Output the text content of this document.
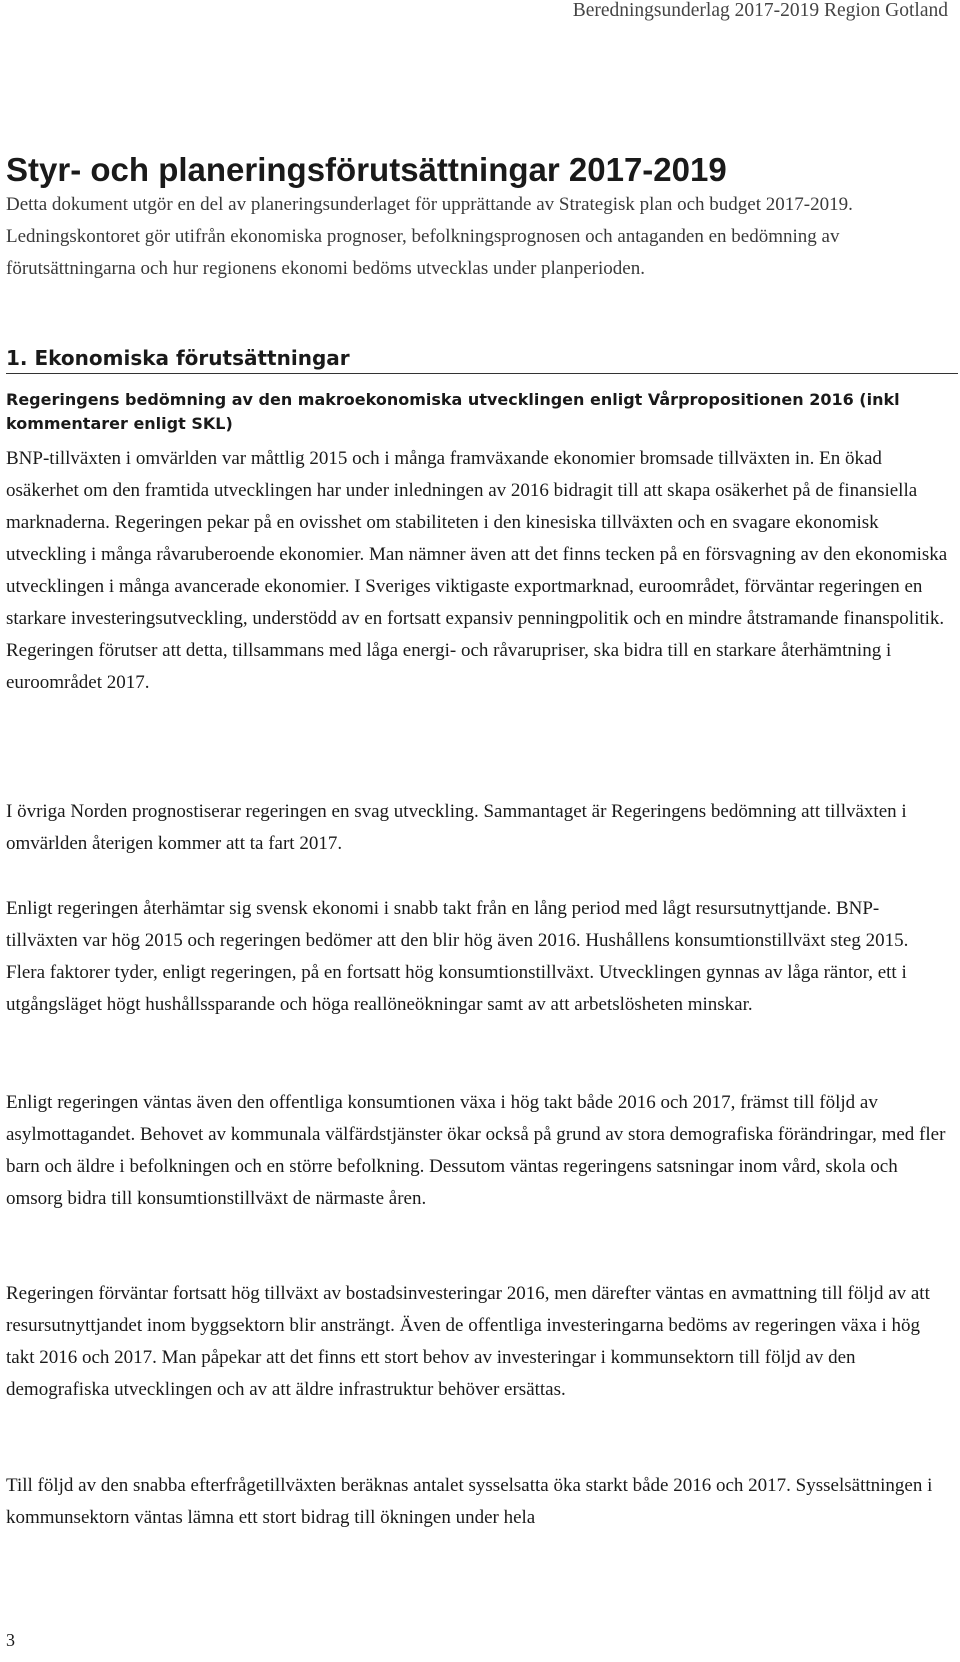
Beredningsunderlag 2017-2019 Region Gotland
Styr- och planeringsförutsättningar 2017-2019

Detta dokument utgör en del av planeringsunderlaget för upprättande av Strategisk plan och budget 2017-2019. Ledningskontoret gör utifrån ekonomiska prognoser, befolkningsprognosen och antaganden en bedömning av förutsättningarna och hur regionens ekonomi bedöms utvecklas under planperioden.

1. Ekonomiska förutsättningar
Regeringens bedömning av den makroekonomiska utvecklingen enligt Vårpropositionen 2016 (inkl kommentarer enligt SKL)

BNP-tillväxten i omvärlden var måttlig 2015 och i många framväxande ekonomier bromsade tillväxten in. En ökad osäkerhet om den framtida utvecklingen har under inledningen av 2016 bidragit till att skapa osäkerhet på de finansiella marknaderna. Regeringen pekar på en ovisshet om stabiliteten i den kinesiska tillväxten och en svagare ekonomisk utveckling i många råvaruberoende ekonomier. Man nämner även att det finns tecken på en försvagning av den ekonomiska utvecklingen i många avancerade ekonomier. I Sveriges viktigaste exportmarknad, euroområdet, förväntar regeringen en starkare investeringsutveckling, understödd av en fortsatt expansiv penningpolitik och en mindre åtstramande finanspolitik. Regeringen förutser att detta, tillsammans med låga energi- och råvarupriser, ska bidra till en starkare återhämtning i euroområdet 2017.

I övriga Norden prognostiserar regeringen en svag utveckling. Sammantaget är Regeringens bedömning att tillväxten i omvärlden återigen kommer att ta fart 2017.

Enligt regeringen återhämtar sig svensk ekonomi i snabb takt från en lång period med lågt resursutnyttjande. BNP-tillväxten var hög 2015 och regeringen bedömer att den blir hög även 2016. Hushållens konsumtionstillväxt steg 2015. Flera faktorer tyder, enligt regeringen, på en fortsatt hög konsumtionstillväxt. Utvecklingen gynnas av låga räntor, ett i utgångsläget högt hushållssparande och höga reallöneökningar samt av att arbetslösheten minskar.

Enligt regeringen väntas även den offentliga konsumtionen växa i hög takt både 2016 och 2017, främst till följd av asylmottagandet. Behovet av kommunala välfärdstjänster ökar också på grund av stora demografiska förändringar, med fler barn och äldre i befolkningen och en större befolkning. Dessutom väntas regeringens satsningar inom vård, skola och omsorg bidra till konsumtionstillväxt de närmaste åren.

Regeringen förväntar fortsatt hög tillväxt av bostadsinvesteringar 2016, men därefter väntas en avmattning till följd av att resursutnyttjandet inom byggsektorn blir ansträngt. Även de offentliga investeringarna bedöms av regeringen växa i hög takt 2016 och 2017. Man påpekar att det finns ett stort behov av investeringar i kommunsektorn till följd av den demografiska utvecklingen och av att äldre infrastruktur behöver ersättas.

Till följd av den snabba efterfrågetillväxten beräknas antalet sysselsatta öka starkt både 2016 och 2017. Sysselsättningen i kommunsektorn väntas lämna ett stort bidrag till ökningen under hela

3
